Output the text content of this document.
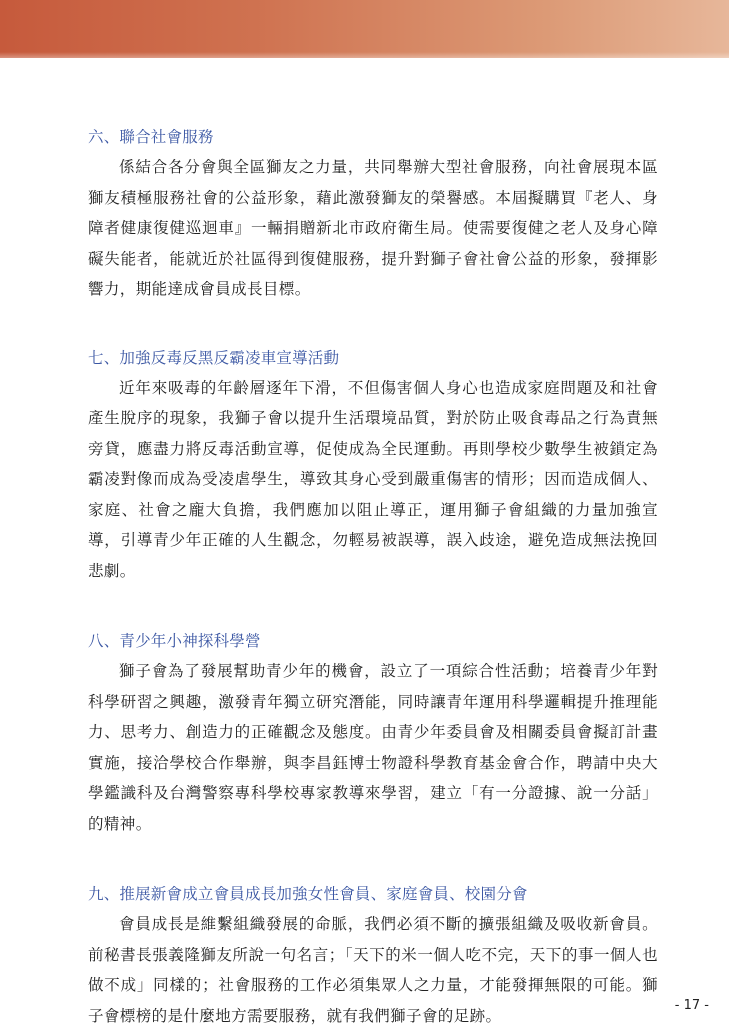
六、聯合社會服務

係結合各分會與全區獅友之力量，共同舉辦大型社會服務，向社會展現本區獅友積極服務社會的公益形象，藉此激發獅友的榮譽感。本屆擬購買『老人、身障者健康復健巡迴車』一輛捐贈新北市政府衛生局。使需要復健之老人及身心障礙失能者，能就近於社區得到復健服務，提升對獅子會社會公益的形象，發揮影響力，期能達成會員成長目標。

七、加強反毒反黑反霸凌車宣導活動

近年來吸毒的年齡層逐年下滑，不但傷害個人身心也造成家庭問題及和社會產生脫序的現象，我獅子會以提升生活環境品質，對於防止吸食毒品之行為責無旁貸，應盡力將反毒活動宣導，促使成為全民運動。再則學校少數學生被鎖定為霸凌對像而成為受凌虐學生，導致其身心受到嚴重傷害的情形；因而造成個人、家庭、社會之龐大負擔，我們應加以阻止導正，運用獅子會組織的力量加強宣導，引導青少年正確的人生觀念，勿輕易被誤導，誤入歧途，避免造成無法挽回悲劇。

八、青少年小神探科學營

獅子會為了發展幫助青少年的機會，設立了一項綜合性活動；培養青少年對科學研習之興趣，激發青年獨立研究潛能，同時讓青年運用科學邏輯提升推理能力、思考力、創造力的正確觀念及態度。由青少年委員會及相關委員會擬訂計畫實施，接洽學校合作舉辦，與李昌鈺博士物證科學教育基金會合作，聘請中央大學鑑識科及台灣警察專科學校專家教導來學習，建立「有一分證據、說一分話」的精神。

九、推展新會成立會員成長加強女性會員、家庭會員、校園分會

會員成長是維繫組織發展的命脈，我們必須不斷的擴張組織及吸收新會員。前秘書長張義隆獅友所說一句名言；「天下的米一個人吃不完，天下的事一個人也做不成」同樣的；社會服務的工作必須集眾人之力量，才能發揮無限的可能。獅子會標榜的是什麼地方需要服務，就有我們獅子會的足跡。

- 17 -
